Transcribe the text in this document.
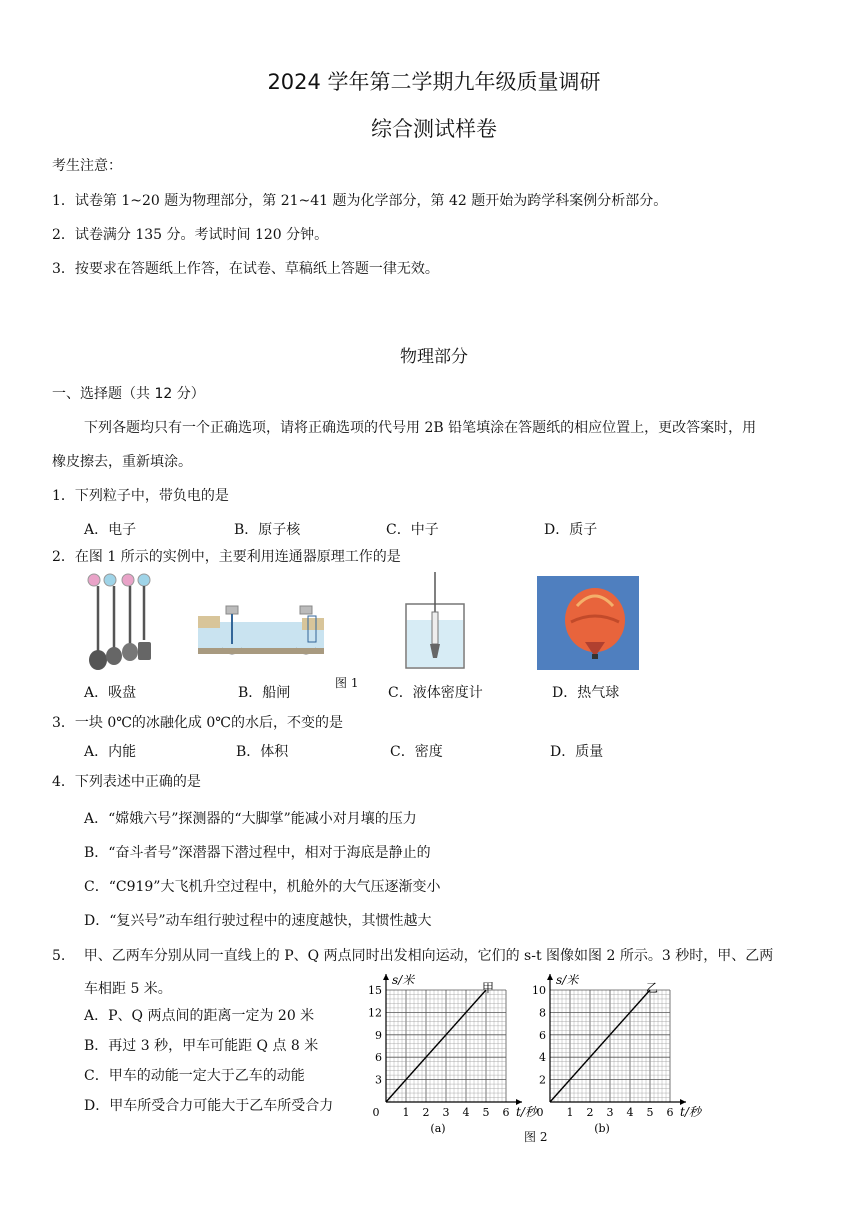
2024 学年第二学期九年级质量调研
综合测试样卷
考生注意：
1．试卷第 1~20 题为物理部分，第 21~41 题为化学部分，第 42 题开始为跨学科案例分析部分。
2．试卷满分 135 分。考试时间 120 分钟。
3．按要求在答题纸上作答，在试卷、草稿纸上答题一律无效。
物理部分
一、选择题（共 12 分）
下列各题均只有一个正确选项，请将正确选项的代号用 2B 铅笔填涂在答题纸的相应位置上，更改答案时，用
橡皮擦去，重新填涂。
1．下列粒子中，带负电的是
A．电子	B．原子核	C．中子	D．质子
2．在图 1 所示的实例中，主要利用连通器原理工作的是
图 1
A．吸盘	B．船闸	C．液体密度计	D．热气球
3．一块 0℃的冰融化成 0℃的水后，不变的是
A．内能	B．体积	C．密度	D．质量
4．下列表述中正确的是
A．“嫦娥六号”探测器的“大脚掌”能减小对月壤的压力
B．“奋斗者号”深潜器下潜过程中，相对于海底是静止的
C．“C919”大飞机升空过程中，机舱外的大气压逐渐变小
D．“复兴号”动车组行驶过程中的速度越快，其惯性越大
5.　 甲、乙两车分别从同一直线上的 P、Q 两点同时出发相向运动，它们的 s-t 图像如图 2 所示。3 秒时，甲、乙两
车相距 5 米。
A．P、Q 两点间的距离一定为 20 米
B．再过 3 秒，甲车可能距 Q 点 8 米
C．甲车的动能一定大于乙车的动能
D．甲车所受合力可能大于乙车所受合力	0 1 2 3 4 5 6
3
6
9
12
15
s/米
t/秒
甲
(a)
0 1 2 3 4 5 6
2
4
6
8
10
s/米
t/秒
乙
(b)
图 2
